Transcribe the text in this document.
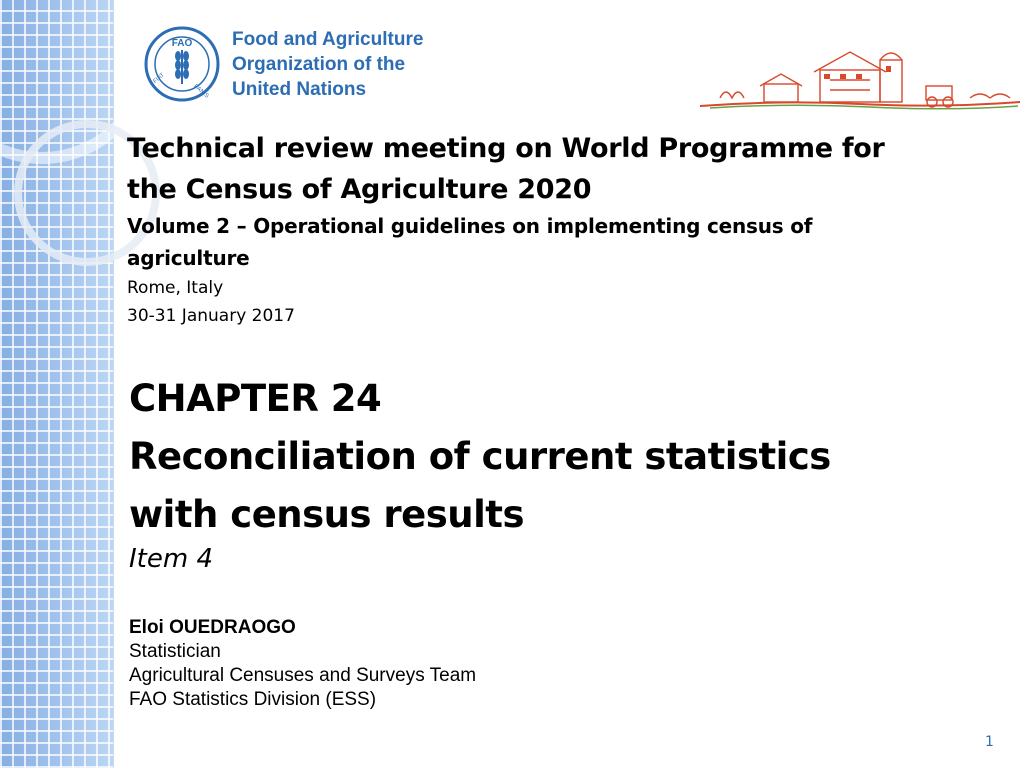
FAO
FIAT
PANIS
Food and Agriculture
Organization of the
United Nations
Technical review meeting on World Programme for
the Census of Agriculture 2020
Volume 2 – Operational guidelines on implementing census of
agriculture
Rome, Italy
30-31 January 2017
CHAPTER 24
Reconciliation of current statistics
with census results
Item 4
Eloi OUEDRAOGO
Statistician
Agricultural Censuses and Surveys Team
FAO Statistics Division (ESS)
1
